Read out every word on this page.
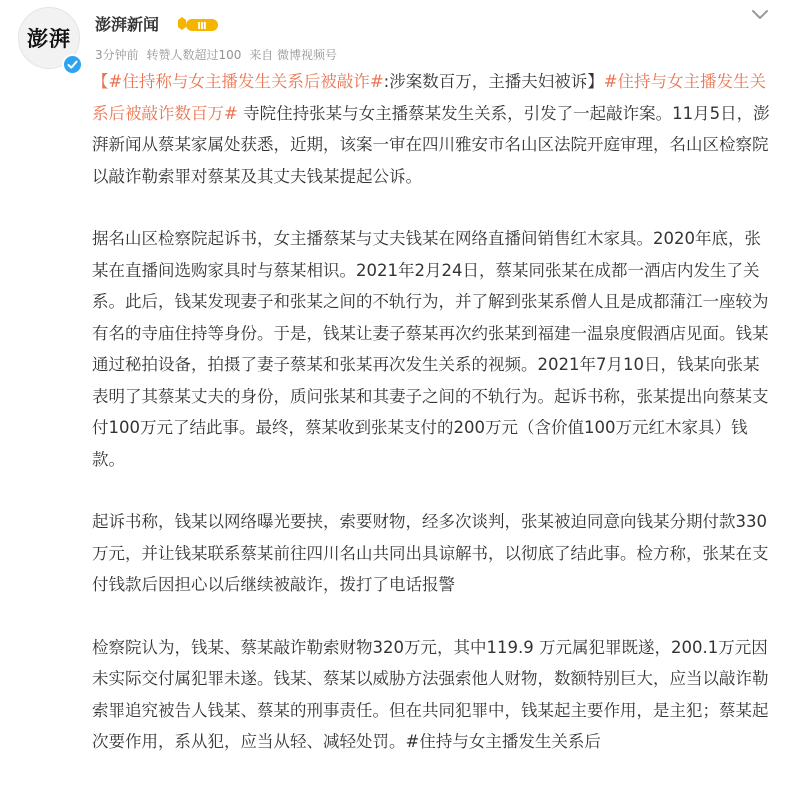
澎湃
澎湃新闻	Ⅲ
3分钟前 转赞人数超过100 来自 微博视频号

【#住持称与女主播发生关系后被敲诈#:涉案数百万，主播夫妇被诉】#住持与女主播发生关系后被敲诈数百万# 寺院住持张某与女主播蔡某发生关系，引发了一起敲诈案。11月5日，澎湃新闻从蔡某家属处获悉，近期，该案一审在四川雅安市名山区法院开庭审理，名山区检察院以敲诈勒索罪对蔡某及其丈夫钱某提起公诉。

据名山区检察院起诉书，女主播蔡某与丈夫钱某在网络直播间销售红木家具。2020年底，张某在直播间选购家具时与蔡某相识。2021年2月24日，蔡某同张某在成都一酒店内发生了关系。此后，钱某发现妻子和张某之间的不轨行为，并了解到张某系僧人且是成都蒲江一座较为有名的寺庙住持等身份。于是，钱某让妻子蔡某再次约张某到福建一温泉度假酒店见面。钱某通过秘拍设备，拍摄了妻子蔡某和张某再次发生关系的视频。2021年7月10日，钱某向张某表明了其蔡某丈夫的身份，质问张某和其妻子之间的不轨行为。起诉书称，张某提出向蔡某支付100万元了结此事。最终，蔡某收到张某支付的200万元（含价值100万元红木家具）钱款。

起诉书称，钱某以网络曝光要挟，索要财物，经多次谈判，张某被迫同意向钱某分期付款330万元，并让钱某联系蔡某前往四川名山共同出具谅解书，以彻底了结此事。检方称，张某在支付钱款后因担心以后继续被敲诈，拨打了电话报警

检察院认为，钱某、蔡某敲诈勒索财物320万元，其中119.9 万元属犯罪既遂，200.1万元因未实际交付属犯罪未遂。钱某、蔡某以威胁方法强索他人财物，数额特别巨大，应当以敲诈勒索罪追究被告人钱某、蔡某的刑事责任。但在共同犯罪中，钱某起主要作用，是主犯；蔡某起次要作用，系从犯，应当从轻、减轻处罚。#住持与女主播发生关系后
